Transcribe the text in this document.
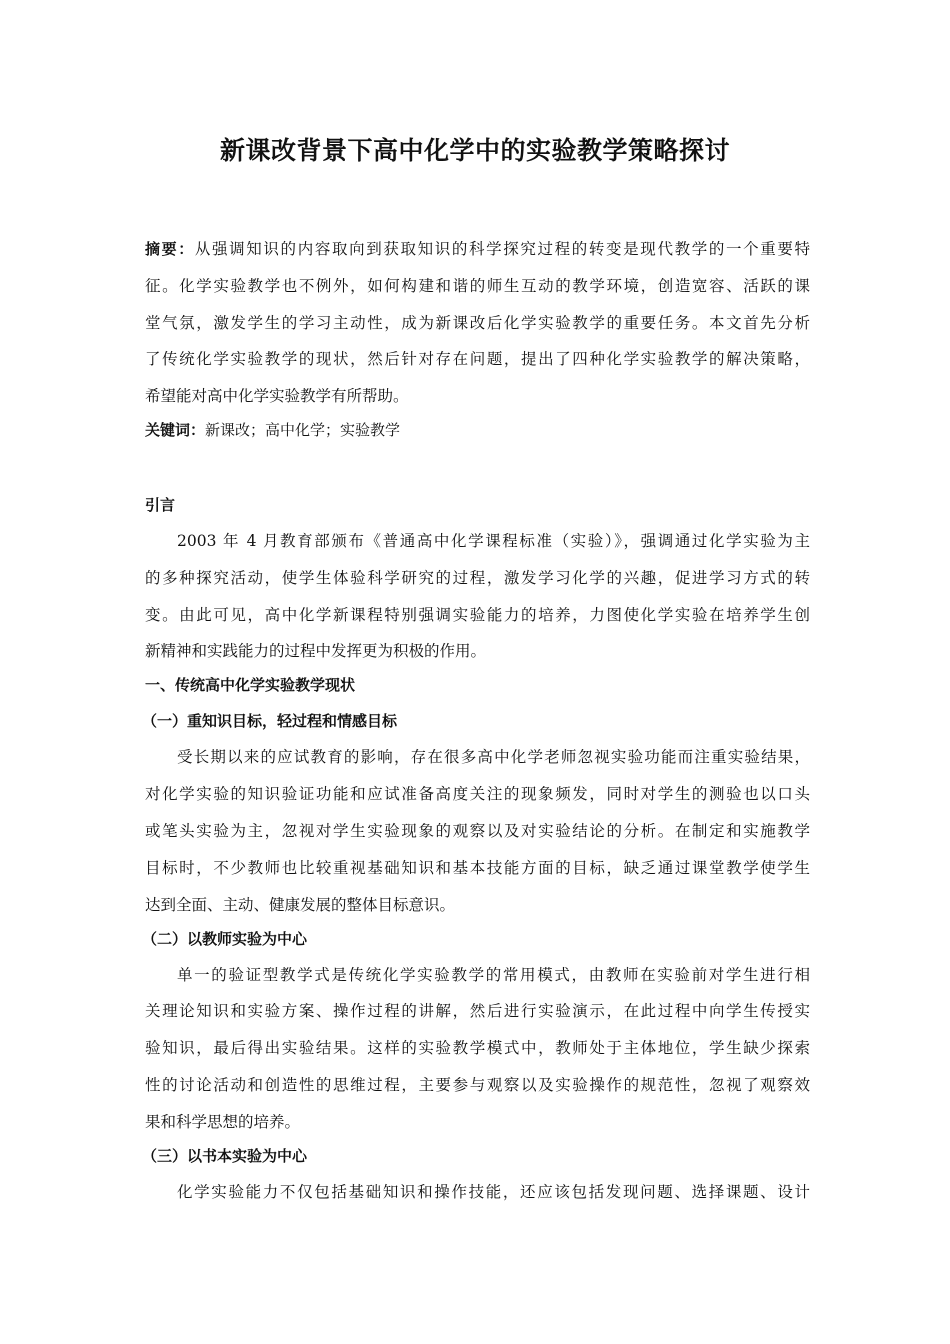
新课改背景下高中化学中的实验教学策略探讨
摘要：从强调知识的内容取向到获取知识的科学探究过程的转变是现代教学的一个重要特
征。化学实验教学也不例外，如何构建和谐的师生互动的教学环境，创造宽容、活跃的课
堂气氛，激发学生的学习主动性，成为新课改后化学实验教学的重要任务。本文首先分析
了传统化学实验教学的现状，然后针对存在问题，提出了四种化学实验教学的解决策略，
希望能对高中化学实验教学有所帮助。
关键词：新课改；高中化学；实验教学
引言
2003 年 4 月教育部颁布《普通高中化学课程标准（实验）》，强调通过化学实验为主
的多种探究活动，使学生体验科学研究的过程，激发学习化学的兴趣，促进学习方式的转
变。由此可见，高中化学新课程特别强调实验能力的培养，力图使化学实验在培养学生创
新精神和实践能力的过程中发挥更为积极的作用。
一、传统高中化学实验教学现状
（一）重知识目标，轻过程和情感目标
受长期以来的应试教育的影响，存在很多高中化学老师忽视实验功能而注重实验结果，
对化学实验的知识验证功能和应试准备高度关注的现象频发，同时对学生的测验也以口头
或笔头实验为主，忽视对学生实验现象的观察以及对实验结论的分析。在制定和实施教学
目标时，不少教师也比较重视基础知识和基本技能方面的目标，缺乏通过课堂教学使学生
达到全面、主动、健康发展的整体目标意识。
（二）以教师实验为中心
单一的验证型教学式是传统化学实验教学的常用模式，由教师在实验前对学生进行相
关理论知识和实验方案、操作过程的讲解，然后进行实验演示，在此过程中向学生传授实
验知识，最后得出实验结果。这样的实验教学模式中，教师处于主体地位，学生缺少探索
性的讨论活动和创造性的思维过程，主要参与观察以及实验操作的规范性，忽视了观察效
果和科学思想的培养。
（三）以书本实验为中心
化学实验能力不仅包括基础知识和操作技能，还应该包括发现问题、选择课题、设计
